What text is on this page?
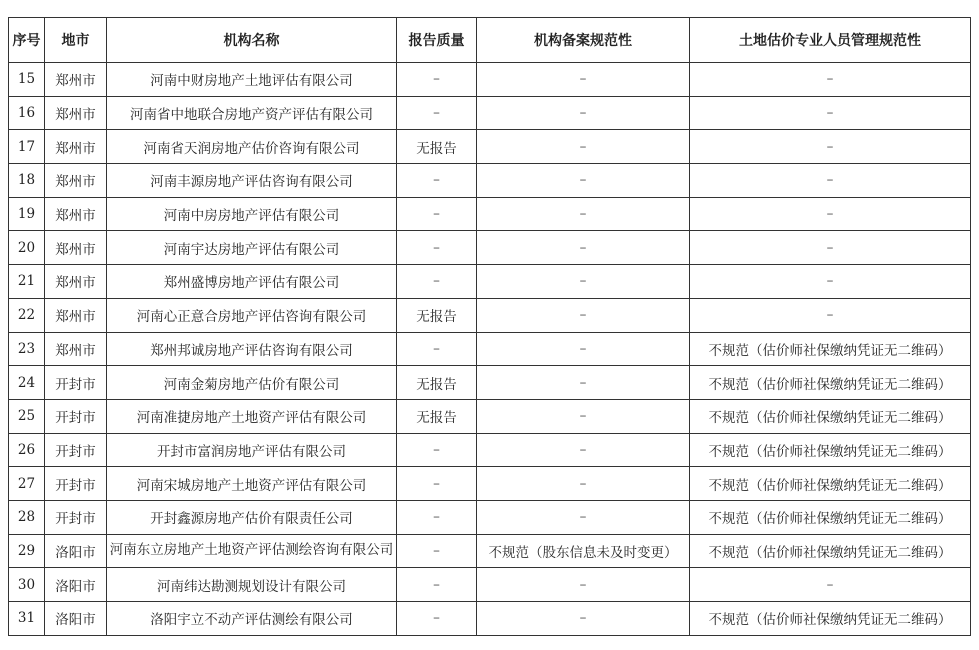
序号	地市	机构名称	报告质量	机构备案规范性	土地估价专业人员管理规范性
15	郑州市	河南中财房地产土地评估有限公司	–	–	–
16	郑州市	河南省中地联合房地产资产评估有限公司	–	–	–
17	郑州市	河南省天润房地产估价咨询有限公司	无报告	–	–
18	郑州市	河南丰源房地产评估咨询有限公司	–	–	–
19	郑州市	河南中房房地产评估有限公司	–	–	–
20	郑州市	河南宇达房地产评估有限公司	–	–	–
21	郑州市	郑州盛博房地产评估有限公司	–	–	–
22	郑州市	河南心正意合房地产评估咨询有限公司	无报告	–	–
23	郑州市	郑州邦诚房地产评估咨询有限公司	–	–	不规范（估价师社保缴纳凭证无二维码）
24	开封市	河南金菊房地产估价有限公司	无报告	–	不规范（估价师社保缴纳凭证无二维码）
25	开封市	河南准捷房地产土地资产评估有限公司	无报告	–	不规范（估价师社保缴纳凭证无二维码）
26	开封市	开封市富润房地产评估有限公司	–	–	不规范（估价师社保缴纳凭证无二维码）
27	开封市	河南宋城房地产土地资产评估有限公司	–	–	不规范（估价师社保缴纳凭证无二维码）
28	开封市	开封鑫源房地产估价有限责任公司	–	–	不规范（估价师社保缴纳凭证无二维码）
29	洛阳市	河南东立房地产土地资产评估测绘咨询有限公司	–	不规范（股东信息未及时变更）	不规范（估价师社保缴纳凭证无二维码）
30	洛阳市	河南纬达勘测规划设计有限公司	–	–	–
31	洛阳市	洛阳宇立不动产评估测绘有限公司	–	–	不规范（估价师社保缴纳凭证无二维码）
